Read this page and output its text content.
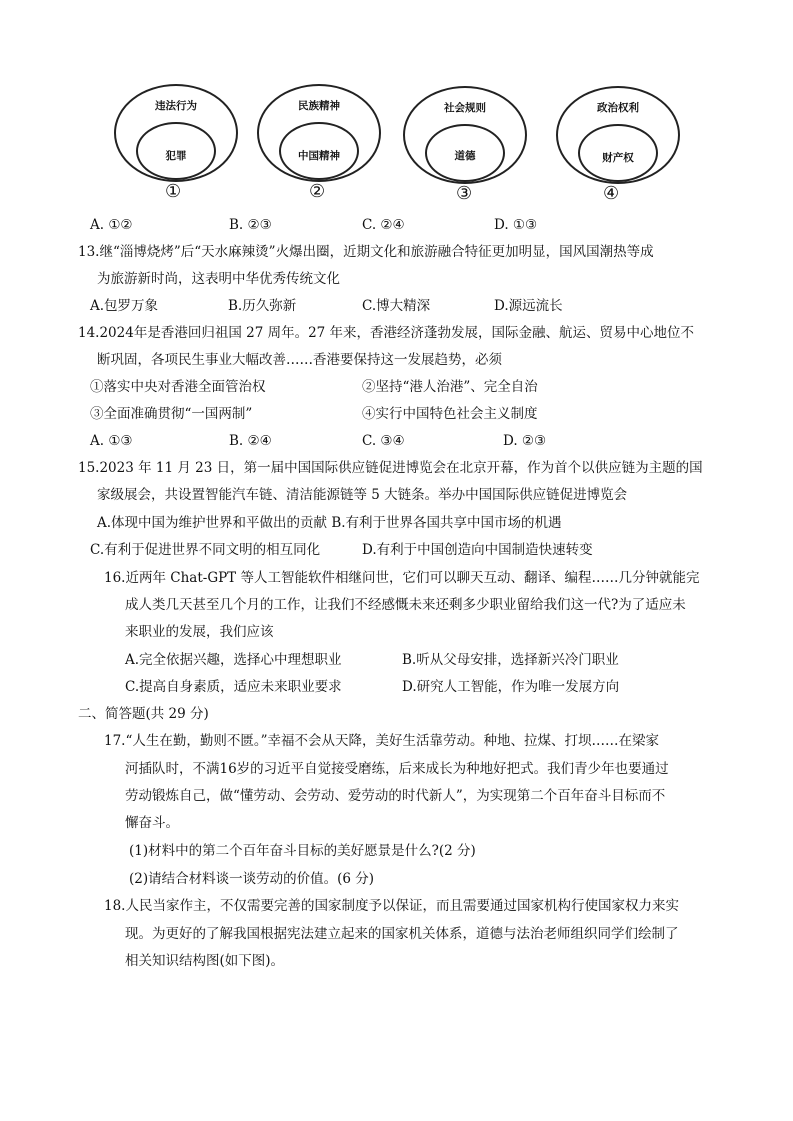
违法行为
犯罪
①
民族精神
中国精神
②
社会规则
道德
③
政治权利
财产权
④
A. ①②	B. ②③	C. ②④	D. ①③
13.继“淄博烧烤”后“天水麻辣烫”火爆出圈，近期文化和旅游融合特征更加明显，国风国潮热等成
为旅游新时尚，这表明中华优秀传统文化
A.包罗万象	B.历久弥新	C.博大精深	D.源远流长
14.2024年是香港回归祖国 27 周年。27 年来，香港经济蓬勃发展，国际金融、航运、贸易中心地位不
断巩固，各项民生事业大幅改善……香港要保持这一发展趋势，必须
①落实中央对香港全面管治权	②坚持“港人治港”、完全自治
③全面准确贯彻“一国两制”	④实行中国特色社会主义制度
A. ①③	B. ②④	C. ③④	D. ②③
15.2023 年 11 月 23 日，第一届中国国际供应链促进博览会在北京开幕，作为首个以供应链为主题的国
家级展会，共设置智能汽车链、清洁能源链等 5 大链条。举办中国国际供应链促进博览会
A.体现中国为维护世界和平做出的贡献 B.有利于世界各国共享中国市场的机遇
C.有利于促进世界不同文明的相互同化	D.有利于中国创造向中国制造快速转变
16.近两年 Chat-GPT 等人工智能软件相继问世，它们可以聊天互动、翻译、编程……几分钟就能完
成人类几天甚至几个月的工作，让我们不经感慨未来还剩多少职业留给我们这一代?为了适应未
来职业的发展，我们应该
A.完全依据兴趣，选择心中理想职业	B.听从父母安排，选择新兴冷门职业
C.提高自身素质，适应未来职业要求	D.研究人工智能，作为唯一发展方向
二、简答题(共 29 分)
17.“人生在勤，勤则不匮。”幸福不会从天降，美好生活靠劳动。种地、拉煤、打坝……在梁家
河插队时，不满16岁的习近平自觉接受磨练，后来成长为种地好把式。我们青少年也要通过
劳动锻炼自己，做“懂劳动、会劳动、爱劳动的时代新人”，为实现第二个百年奋斗目标而不
懈奋斗。
(1)材料中的第二个百年奋斗目标的美好愿景是什么?(2 分)
(2)请结合材料谈一谈劳动的价值。(6 分)
18.人民当家作主，不仅需要完善的国家制度予以保证，而且需要通过国家机构行使国家权力来实
现。为更好的了解我国根据宪法建立起来的国家机关体系，道德与法治老师组织同学们绘制了
相关知识结构图(如下图)。
